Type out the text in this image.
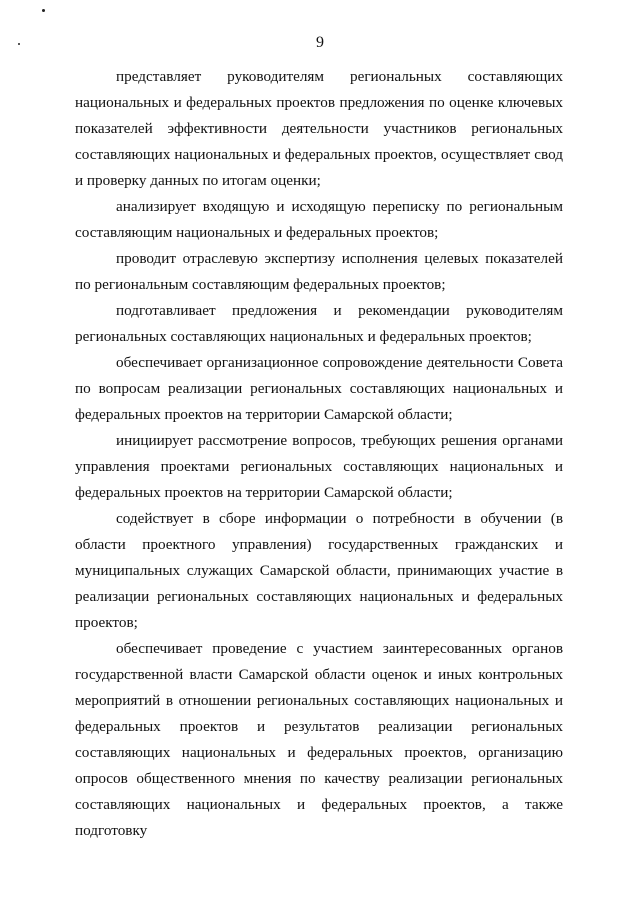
9

представляет руководителям региональных составляющих национальных и федеральных проектов предложения по оценке ключевых показателей эффективности деятельности участников региональных составляющих национальных и федеральных проектов, осуществляет свод и проверку данных по итогам оценки;

анализирует входящую и исходящую переписку по региональным составляющим национальных и федеральных проектов;

проводит отраслевую экспертизу исполнения целевых показателей по региональным составляющим федеральных проектов;

подготавливает предложения и рекомендации руководителям региональных составляющих национальных и федеральных проектов;

обеспечивает организационное сопровождение деятельности Совета по вопросам реализации региональных составляющих национальных и федеральных проектов на территории Самарской области;

инициирует рассмотрение вопросов, требующих решения органами управления проектами региональных составляющих национальных и федеральных проектов на территории Самарской области;

содействует в сборе информации о потребности в обучении (в области проектного управления) государственных гражданских и муниципальных служащих Самарской области, принимающих участие в реализации региональных составляющих национальных и федеральных проектов;

обеспечивает проведение с участием заинтересованных органов государственной власти Самарской области оценок и иных контрольных мероприятий в отношении региональных составляющих национальных и федеральных проектов и результатов реализации региональных составляющих национальных и федеральных проектов, организацию опросов общественного мнения по качеству реализации региональных составляющих национальных и федеральных проектов, а также подготовку
